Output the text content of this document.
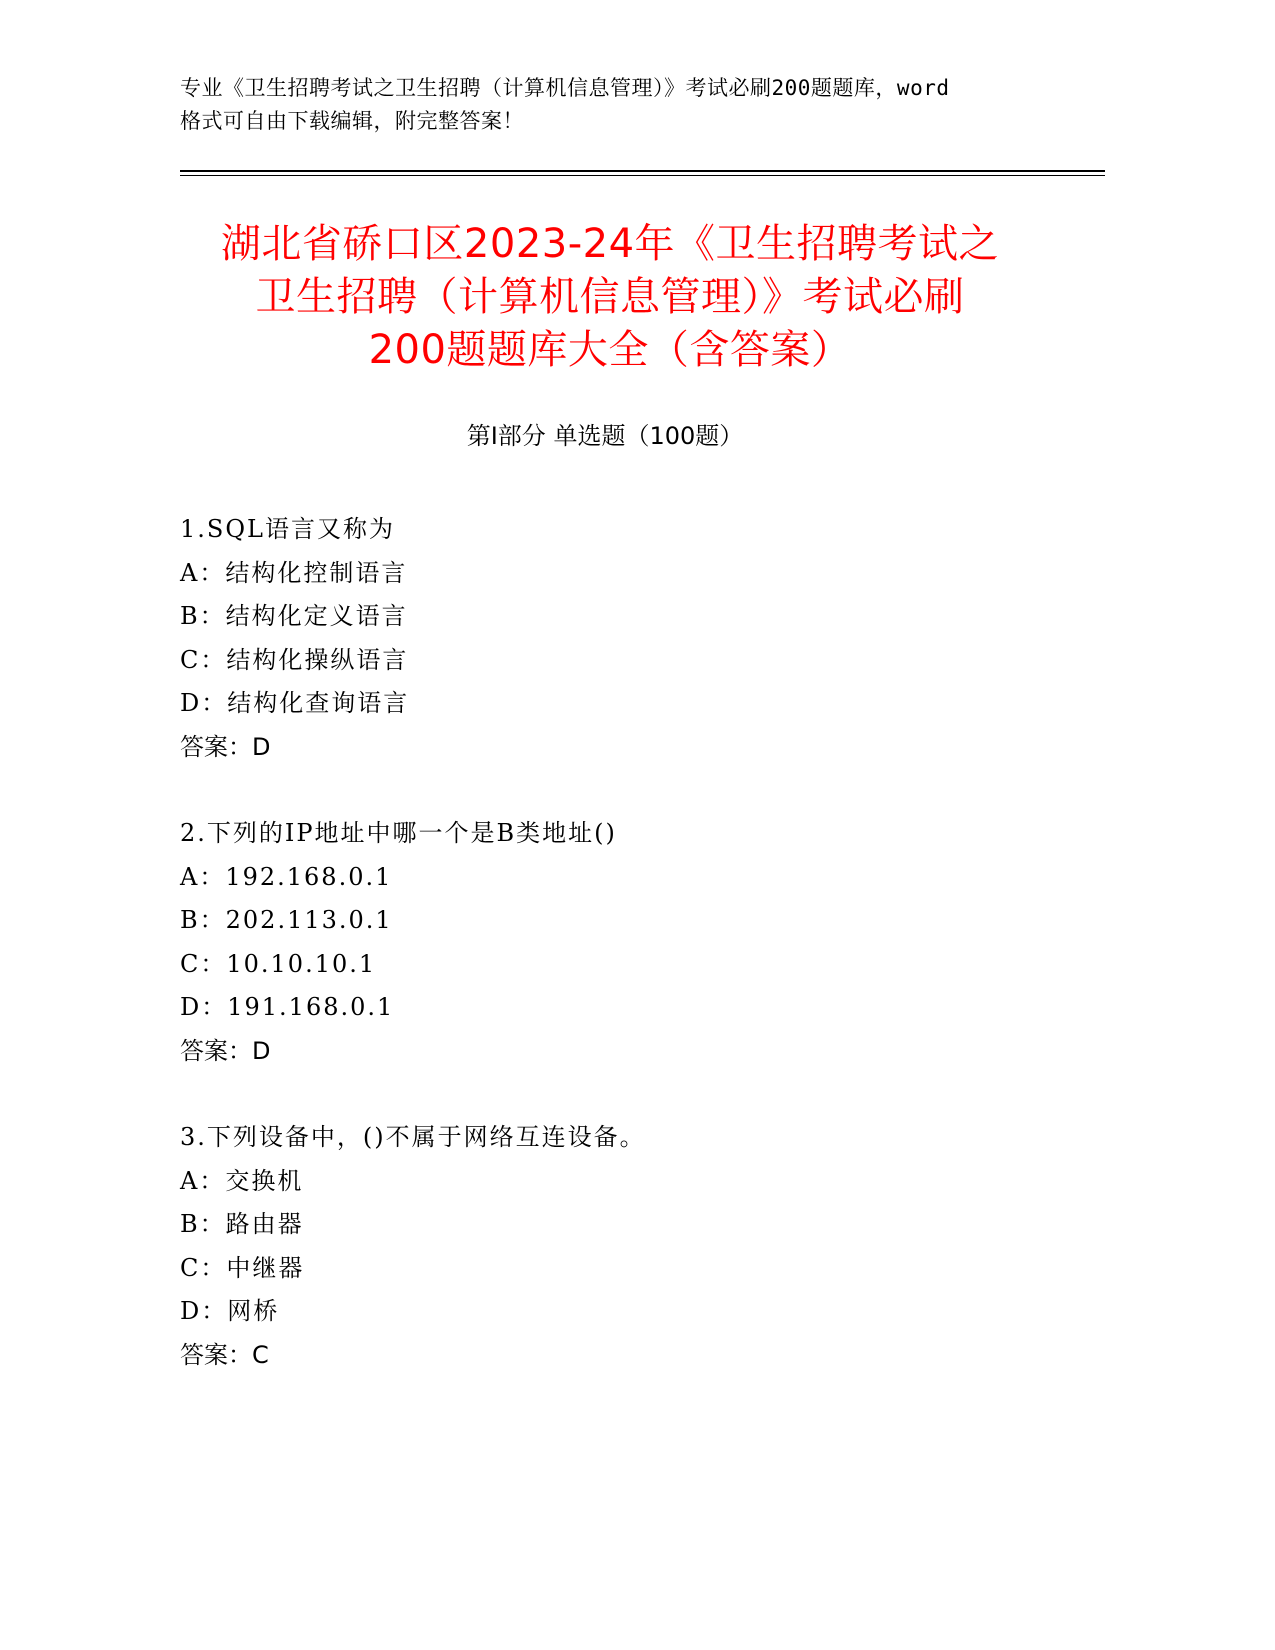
专业《卫生招聘考试之卫生招聘（计算机信息管理）》考试必刷200题题库，word
格式可自由下载编辑，附完整答案！
湖北省硚口区2023-24年《卫生招聘考试之
卫生招聘（计算机信息管理）》考试必刷
200题题库大全（含答案）
第Ⅰ部分 单选题（100题）
1.SQL语言又称为
A：结构化控制语言
B：结构化定义语言
C：结构化操纵语言
D：结构化查询语言
答案：D
2.下列的IP地址中哪一个是B类地址()
A：192.168.0.1
B：202.113.0.1
C：10.10.10.1
D：191.168.0.1
答案：D
3.下列设备中，()不属于网络互连设备。
A：交换机
B：路由器
C：中继器
D：网桥
答案：C
